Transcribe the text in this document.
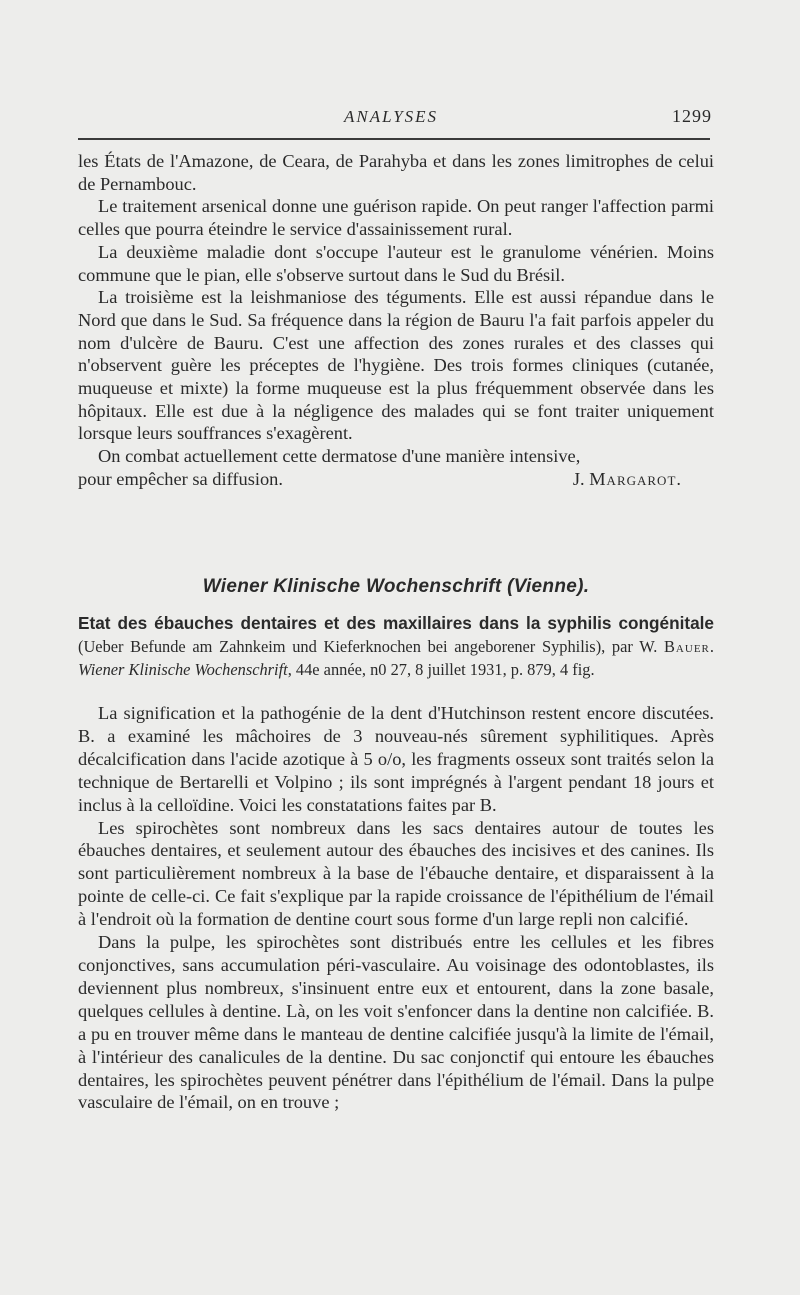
ANALYSES	1299

les États de l'Amazone, de Ceara, de Parahyba et dans les zones limitrophes de celui de Pernambouc.

Le traitement arsenical donne une guérison rapide. On peut ranger l'affection parmi celles que pourra éteindre le service d'assainissement rural.

La deuxième maladie dont s'occupe l'auteur est le granulome vénérien. Moins commune que le pian, elle s'observe surtout dans le Sud du Brésil.

La troisième est la leishmaniose des téguments. Elle est aussi répandue dans le Nord que dans le Sud. Sa fréquence dans la région de Bauru l'a fait parfois appeler du nom d'ulcère de Bauru. C'est une affection des zones rurales et des classes qui n'observent guère les préceptes de l'hygiène. Des trois formes cliniques (cutanée, muqueuse et mixte) la forme muqueuse est la plus fréquemment observée dans les hôpitaux. Elle est due à la négligence des malades qui se font traiter uniquement lorsque leurs souffrances s'exagèrent.

On combat actuellement cette dermatose d'une manière intensive,

pour empêcher sa diffusion.	J. Margarot.
Wiener Klinische Wochenschrift (Vienne).
Etat des ébauches dentaires et des maxillaires dans la syphilis congénitale (Ueber Befunde am Zahnkeim und Kieferknochen bei angeborener Syphilis), par W. Bauer. Wiener Klinische Wochenschrift, 44e année, n0 27, 8 juillet 1931, p. 879, 4 fig.

La signification et la pathogénie de la dent d'Hutchinson restent encore discutées. B. a examiné les mâchoires de 3 nouveau-nés sûrement syphilitiques. Après décalcification dans l'acide azotique à 5 o/o, les fragments osseux sont traités selon la technique de Bertarelli et Volpino ; ils sont imprégnés à l'argent pendant 18 jours et inclus à la celloïdine. Voici les constatations faites par B.

Les spirochètes sont nombreux dans les sacs dentaires autour de toutes les ébauches dentaires, et seulement autour des ébauches des incisives et des canines. Ils sont particulièrement nombreux à la base de l'ébauche dentaire, et disparaissent à la pointe de celle-ci. Ce fait s'explique par la rapide croissance de l'épithélium de l'émail à l'endroit où la formation de dentine court sous forme d'un large repli non calcifié.

Dans la pulpe, les spirochètes sont distribués entre les cellules et les fibres conjonctives, sans accumulation péri-vasculaire. Au voisinage des odontoblastes, ils deviennent plus nombreux, s'insinuent entre eux et entourent, dans la zone basale, quelques cellules à dentine. Là, on les voit s'enfoncer dans la dentine non calcifiée. B. a pu en trouver même dans le manteau de dentine calcifiée jusqu'à la limite de l'émail, à l'intérieur des canalicules de la dentine. Du sac conjonctif qui entoure les ébauches dentaires, les spirochètes peuvent pénétrer dans l'épithélium de l'émail. Dans la pulpe vasculaire de l'émail, on en trouve ;
